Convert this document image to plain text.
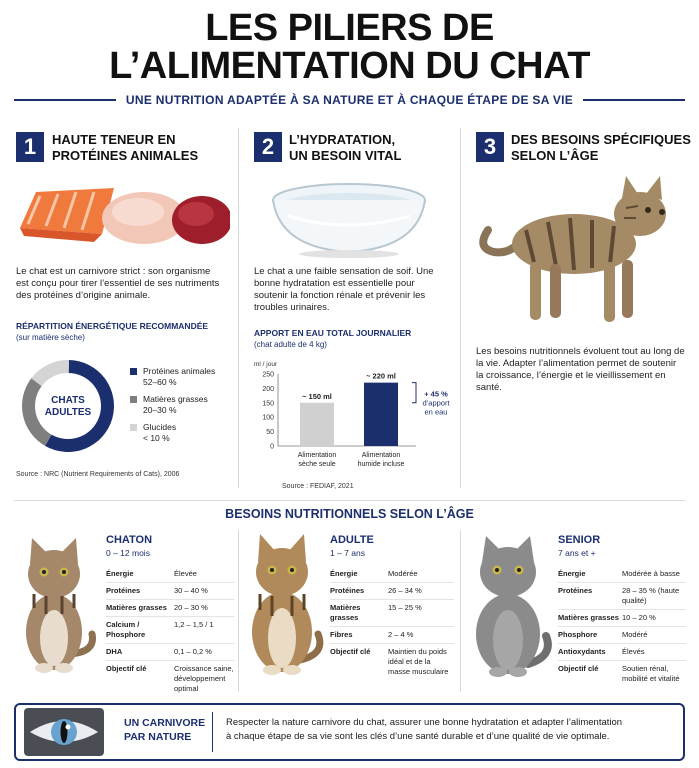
LES PILIERS DE
L’ALIMENTATION DU CHAT
UNE NUTRITION ADAPTÉE À SA NATURE ET À CHAQUE ÉTAPE DE SA VIE
1	HAUTE TENEUR EN
PROTÉINES ANIMALES
Le chat est un carnivore strict : son organisme est conçu pour tirer l’essentiel de ses nutriments des protéines d’origine animale.
RÉPARTITION ÉNERGÉTIQUE RECOMMANDÉE
(sur matière sèche)
CHATS
ADULTES
Protéines animales
52–60 %
Matières grasses
20–30 %
Glucides
< 10 %
Source : NRC (Nutrient Requirements of Cats), 2006
2	L’HYDRATATION,
UN BESOIN VITAL
Le chat a une faible sensation de soif. Une bonne hydratation est essentielle pour soutenir la fonction rénale et prévenir les troubles urinaires.
APPORT EN EAU TOTAL JOURNALIER
(chat adulte de 4 kg)
ml / jour
0
50
100
150
200
250
~ 150 ml
Alimentation
sèche seule
~ 220 ml
Alimentation
humide incluse
+ 45 %
d’apport
en eau
Source : FEDIAF, 2021
3	DES BESOINS SPÉCIFIQUES
SELON L’ÂGE
Les besoins nutritionnels évoluent tout au long de la vie. Adapter l’alimentation permet de soutenir la croissance, l’énergie et le vieillissement en santé.
BESOINS NUTRITIONNELS SELON L’ÂGE
CHATON
0 – 12 mois
Énergie	Élevée
Protéines	30 – 40 %
Matières grasses 20 – 30 %
Calcium / Phosphore
1,2 – 1,5 / 1
DHA	0,1 – 0,2 %
Objectif clé	Croissance saine, développement optimal
ADULTE
1 – 7 ans
Énergie	Modérée
Protéines	26 – 34 %
Matières grasses
15 – 25 %
Fibres	2 – 4 %
Objectif clé	Maintien du poids idéal et de la masse musculaire
SENIOR
7 ans et +
Énergie	Modérée à basse
Protéines	28 – 35 % (haute qualité)
Matières grasses 10 – 20 %
Phosphore	Modéré
Antioxydants	Élevés
Objectif clé	Soutien rénal, mobilité et vitalité
UN CARNIVORE
PAR NATURE
Respecter la nature carnivore du chat, assurer une bonne hydratation et adapter l’alimentation
à chaque étape de sa vie sont les clés d’une santé durable et d’une qualité de vie optimale.
